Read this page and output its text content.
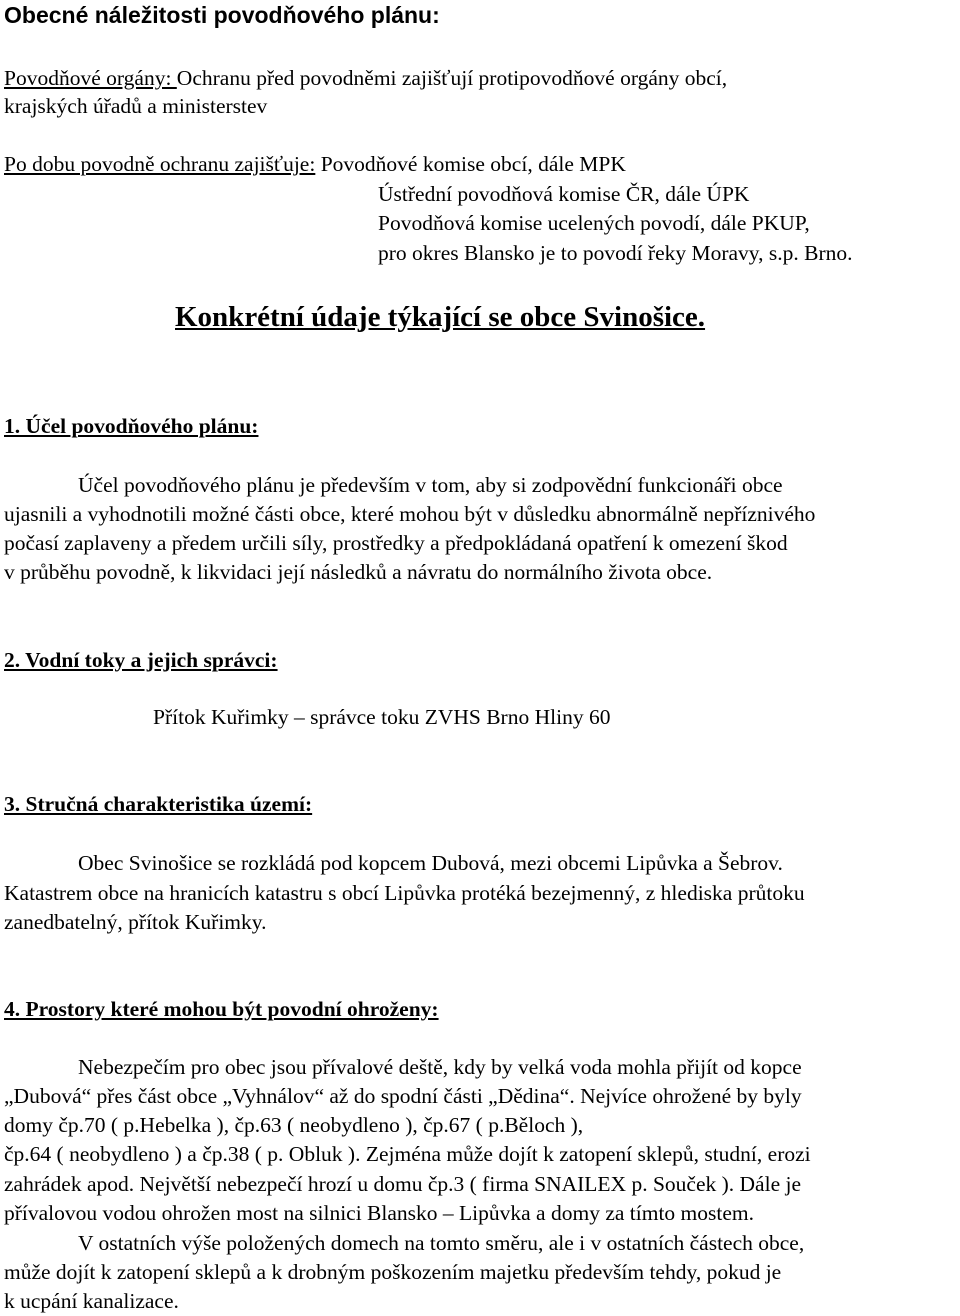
Obecné náležitosti povodňového plánu:

Povodňové orgány: Ochranu před povodněmi zajišťují protipovodňové orgány obcí,

krajských úřadů a ministerstev

Po dobu povodně ochranu zajišťuje: Povodňové komise obcí, dále MPK

Ústřední povodňová komise ČR, dále ÚPK

Povodňová komise ucelených povodí, dále PKUP,

pro okres Blansko je to povodí řeky Moravy, s.p. Brno.

Konkrétní údaje týkající se obce Svinošice.
1. Účel povodňového plánu:

Účel povodňového plánu je především v tom, aby si zodpovědní funkcionáři obce

ujasnili a vyhodnotili možné části obce, které mohou být v důsledku abnormálně nepříznivého

počasí zaplaveny a předem určili síly, prostředky a předpokládaná opatření k omezení škod

v průběhu povodně, k likvidaci její následků a návratu do normálního života obce.

2. Vodní toky a jejich správci:

Přítok Kuřimky – správce toku ZVHS Brno Hliny 60

3. Stručná charakteristika území:

Obec Svinošice se rozkládá pod kopcem Dubová, mezi obcemi Lipůvka a Šebrov.

Katastrem obce na hranicích katastru s obcí Lipůvka protéká bezejmenný, z hlediska průtoku

zanedbatelný, přítok Kuřimky.

4. Prostory které mohou být povodní ohroženy:

Nebezpečím pro obec jsou přívalové deště, kdy by velká voda mohla přijít od kopce

„Dubová“ přes část obce „Vyhnálov“ až do spodní části „Dědina“. Nejvíce ohrožené by byly

domy čp.70 ( p.Hebelka ), čp.63 ( neobydleno ), čp.67 ( p.Běloch ),

čp.64 ( neobydleno ) a čp.38 ( p. Obluk ). Zejména může dojít k zatopení sklepů, studní, erozi

zahrádek apod. Největší nebezpečí hrozí u domu čp.3 ( firma SNAILEX p. Souček ). Dále je

přívalovou vodou ohrožen most na silnici Blansko – Lipůvka a domy za tímto mostem.

V ostatních výše položených domech na tomto směru, ale i v ostatních částech obce,

může dojít k zatopení sklepů a k drobným poškozením majetku především tehdy, pokud je

k ucpání kanalizace.
